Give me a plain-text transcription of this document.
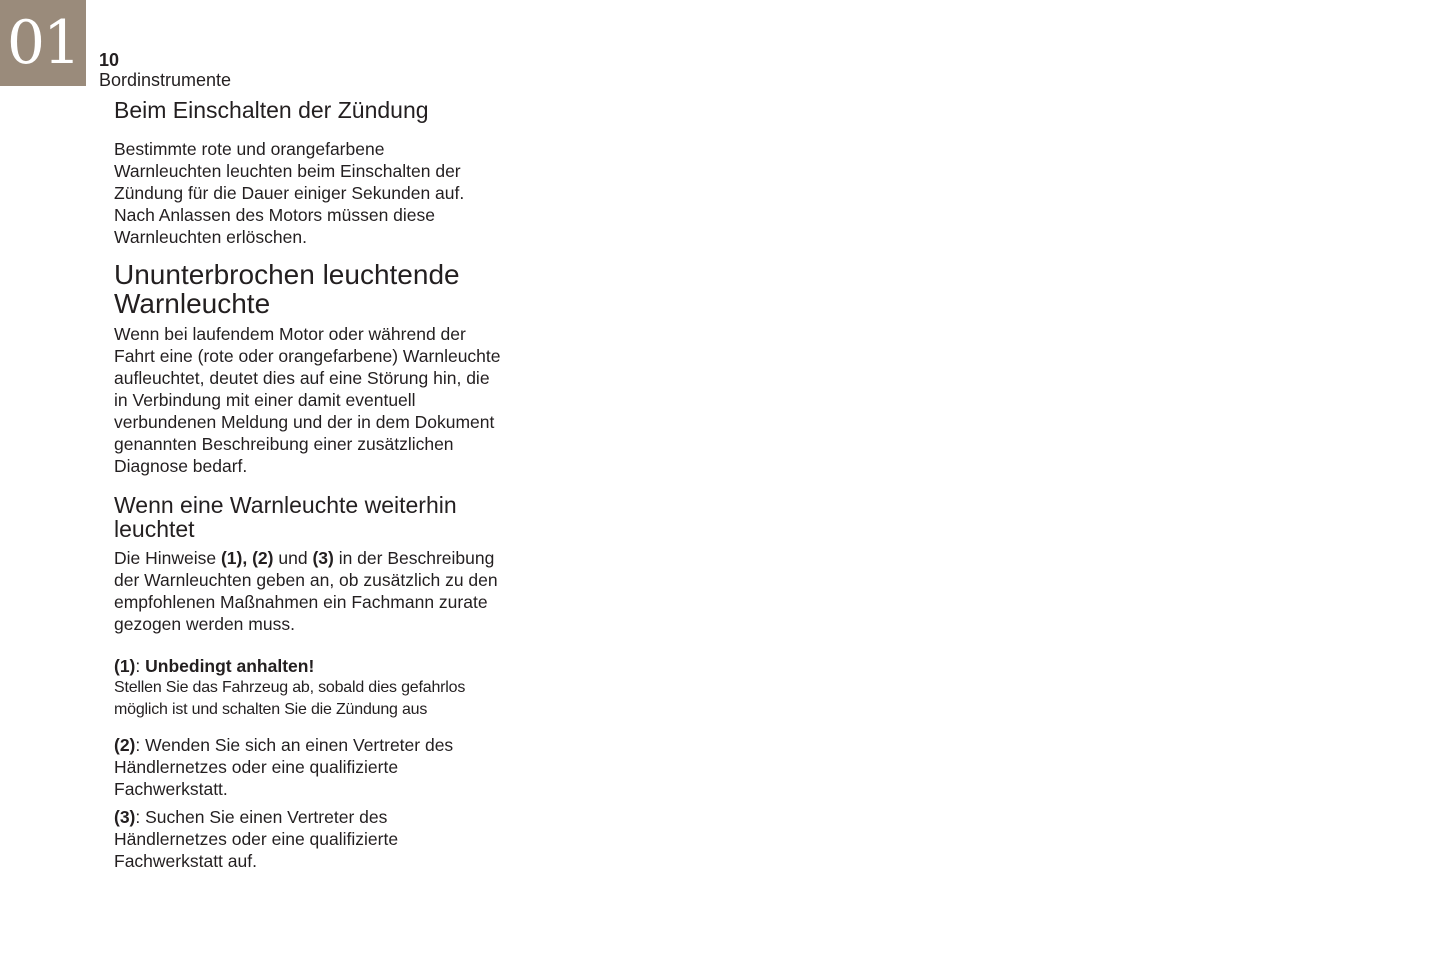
01	10
Bordinstrumente
Beim Einschalten der Zündung

Bestimmte rote und orangefarbene Warnleuchten leuchten beim Einschalten der Zündung für die Dauer einiger Sekunden auf. Nach Anlassen des Motors müssen diese Warnleuchten erlöschen.

Ununterbrochen leuchtende Warnleuchte

Wenn bei laufendem Motor oder während der Fahrt eine (rote oder orangefarbene) Warnleuchte aufleuchtet, deutet dies auf eine Störung hin, die in Verbindung mit einer damit eventuell verbundenen Meldung und der in dem Dokument genannten Beschreibung einer zusätzlichen Diagnose bedarf.

Wenn eine Warnleuchte weiterhin leuchtet

Die Hinweise (1), (2) und (3) in der Beschreibung der Warnleuchten geben an, ob zusätzlich zu den empfohlenen Maßnahmen ein Fachmann zurate gezogen werden muss.

(1): Unbedingt anhalten!

Stellen Sie das Fahrzeug ab, sobald dies gefahrlos möglich ist und schalten Sie die Zündung aus

(2): Wenden Sie sich an einen Vertreter des Händlernetzes oder eine qualifizierte Fachwerkstatt.

(3): Suchen Sie einen Vertreter des Händlernetzes oder eine qualifizierte Fachwerkstatt auf.
